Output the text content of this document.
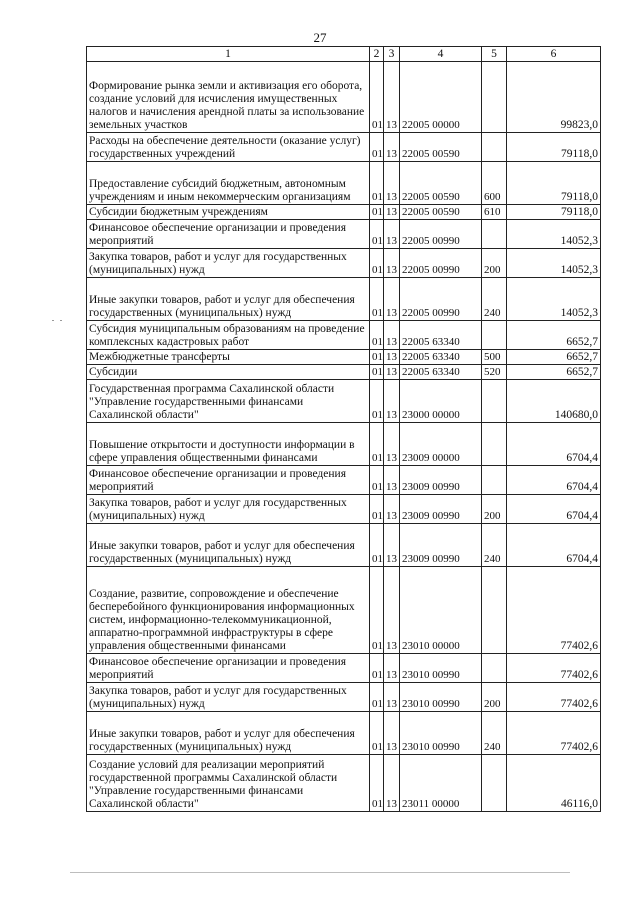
27
1	2	3	4	5	6
Формирование рынка земли и активизация его оборота, создание условий для исчисления имущественных налогов и начисления арендной платы за использование земельных участков	01	13	22005 00000		99823,0
Расходы на обеспечение деятельности (оказание услуг) государственных учреждений	01	13	22005 00590		79118,0
Предоставление субсидий бюджетным, автономным учреждениям и иным некоммерческим организациям	01	13	22005 00590	600	79118,0
Субсидии бюджетным учреждениям	01	13	22005 00590	610	79118,0
Финансовое обеспечение организации и проведения мероприятий	01	13	22005 00990		14052,3
Закупка товаров, работ и услуг для государственных (муниципальных) нужд	01	13	22005 00990	200	14052,3
Иные закупки товаров, работ и услуг для обеспечения государственных (муниципальных) нужд	01	13	22005 00990	240	14052,3
Субсидия муниципальным образованиям на проведение комплексных кадастровых работ	01	13	22005 63340		6652,7
Межбюджетные трансферты	01	13	22005 63340	500	6652,7
Субсидии	01	13	22005 63340	520	6652,7
Государственная программа Сахалинской области "Управление государственными финансами Сахалинской области"	01	13	23000 00000		140680,0
Повышение открытости и доступности информации в сфере управления общественными финансами	01	13	23009 00000		6704,4
Финансовое обеспечение организации и проведения мероприятий	01	13	23009 00990		6704,4
Закупка товаров, работ и услуг для государственных (муниципальных) нужд	01	13	23009 00990	200	6704,4
Иные закупки товаров, работ и услуг для обеспечения государственных (муниципальных) нужд	01	13	23009 00990	240	6704,4
Создание, развитие, сопровождение и обеспечение бесперебойного функционирования информационных систем, информационно-телекоммуникационной, аппаратно-программной инфраструктуры в сфере управления общественными финансами	01	13	23010 00000		77402,6
Финансовое обеспечение организации и проведения мероприятий	01	13	23010 00990		77402,6
Закупка товаров, работ и услуг для государственных (муниципальных) нужд	01	13	23010 00990	200	77402,6
Иные закупки товаров, работ и услуг для обеспечения государственных (муниципальных) нужд	01	13	23010 00990	240	77402,6
Создание условий для реализации мероприятий государственной программы Сахалинской области "Управление государственными финансами Сахалинской области"	01	13	23011 00000		46116,0
